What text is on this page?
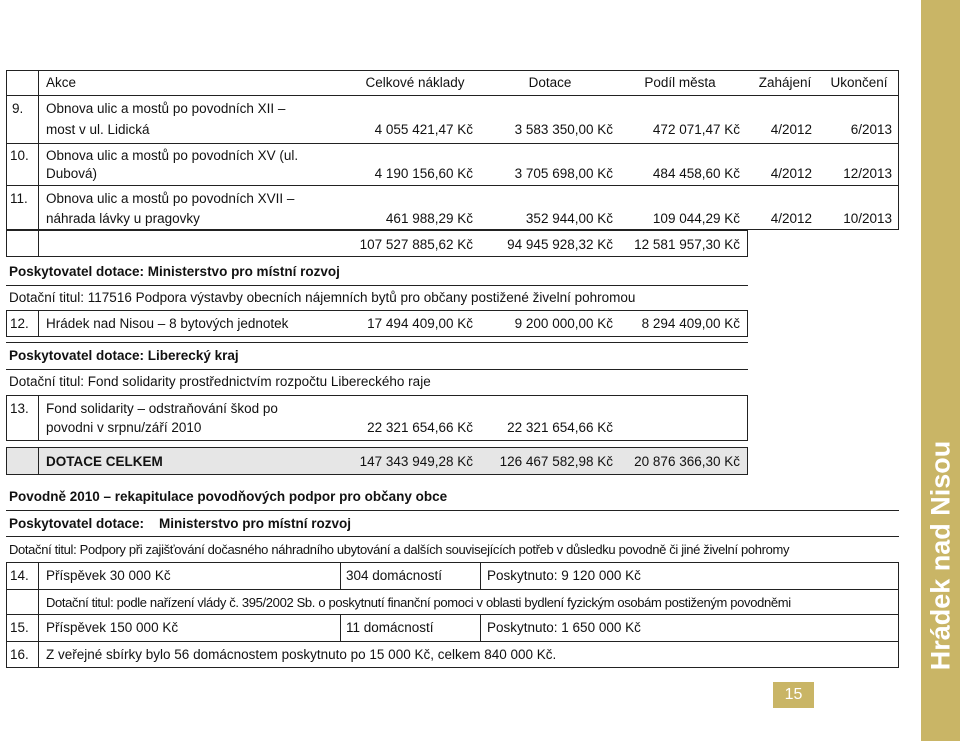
Hrádek nad Nisou
15
Akce	Celkové náklady	Dotace	Podíl města	Zahájení	Ukončení
9. Obnova ulic a mostů po povodních XII –
most v ul. Lidická	4 055 421,47 Kč	3 583 350,00 Kč	472 071,47 Kč	4/2012	6/2013
10. Obnova ulic a mostů po povodních XV (ul.
Dubová)	4 190 156,60 Kč	3 705 698,00 Kč	484 458,60 Kč	4/2012	12/2013
11. Obnova ulic a mostů po povodních XVII –
náhrada lávky u pragovky	461 988,29 Kč	352 944,00 Kč	109 044,29 Kč	4/2012	10/2013
107 527 885,62 Kč	94 945 928,32 Kč	12 581 957,30 Kč
Poskytovatel dotace: Ministerstvo pro místní rozvoj
Dotační titul: 117516 Podpora výstavby obecních nájemních bytů pro občany postižené živelní pohromou
12. Hrádek nad Nisou – 8 bytových jednotek	17 494 409,00 Kč	9 200 000,00 Kč	8 294 409,00 Kč
Poskytovatel dotace: Liberecký kraj
Dotační titul: Fond solidarity prostřednictvím rozpočtu Libereckého raje
13. Fond solidarity – odstraňování škod po
povodni v srpnu/září 2010	22 321 654,66 Kč	22 321 654,66 Kč
DOTACE CELKEM	147 343 949,28 Kč	126 467 582,98 Kč	20 876 366,30 Kč
Povodně 2010 – rekapitulace povodňových podpor pro občany obce
Poskytovatel dotace: Ministerstvo pro místní rozvoj
Dotační titul: Podpory při zajišťování dočasného náhradního ubytování a dalších souvisejících potřeb v důsledku povodně či jiné živelní pohromy
14. Příspěvek 30 000 Kč	304 domácností	Poskytnuto: 9 120 000 Kč
Dotační titul: podle nařízení vlády č. 395/2002 Sb. o poskytnutí finanční pomoci v oblasti bydlení fyzickým osobám postiženým povodněmi
15. Příspěvek 150 000 Kč	11 domácností	Poskytnuto: 1 650 000 Kč
16. Z veřejné sbírky bylo 56 domácnostem poskytnuto po 15 000 Kč, celkem 840 000 Kč.
